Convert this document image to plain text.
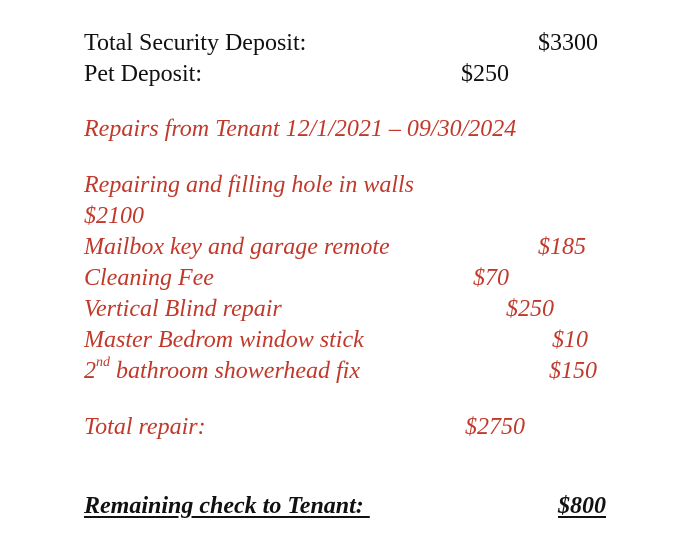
Total Security Deposit:	$3300
Pet Deposit:	$250
Repairs from Tenant 12/1/2021 – 09/30/2024
Repairing and filling hole in walls
$2100
Mailbox key and garage remote	$185
Cleaning Fee	$70
Vertical Blind repair	$250
Master Bedrom window stick	$10
2nd bathroom showerhead fix	$150
Total repair:	$2750
Remaining check to Tenant:	$800
